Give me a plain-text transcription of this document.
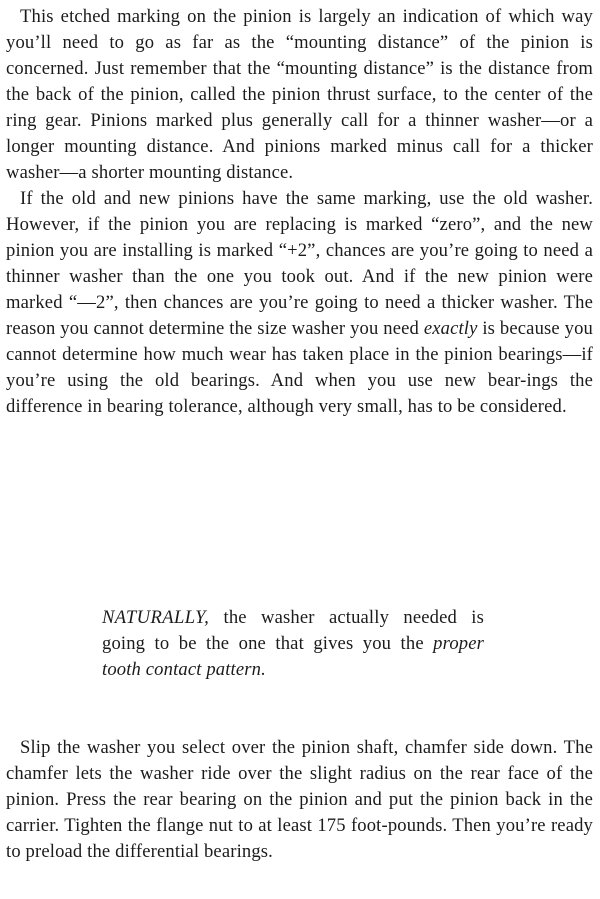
This etched marking on the pinion is largely an indication of which way you’ll need to go as far as the “mounting distance” of the pinion is concerned. Just remember that the “mounting distance” is the distance from the back of the pinion, called the pinion thrust surface, to the center of the ring gear. Pinions marked plus generally call for a thinner washer—or a longer mounting distance. And pinions marked minus call for a thicker washer—a shorter mounting distance.

If the old and new pinions have the same marking, use the old washer. However, if the pinion you are replacing is marked “zero”, and the new pinion you are installing is marked “+2”, chances are you’re going to need a thinner washer than the one you took out. And if the new pinion were marked “—2”, then chances are you’re going to need a thicker washer. The reason you cannot determine the size washer you need exactly is because you cannot determine how much wear has taken place in the pinion bearings—if you’re using the old bearings. And when you use new bear-ings the difference in bearing tolerance, although very small, has to be considered.

NATURALLY, the washer actually needed is going to be the one that gives you the proper tooth contact pattern.

Slip the washer you select over the pinion shaft, chamfer side down. The chamfer lets the washer ride over the slight radius on the rear face of the pinion. Press the rear bearing on the pinion and put the pinion back in the carrier. Tighten the flange nut to at least 175 foot-pounds. Then you’re ready to preload the differential bearings.
